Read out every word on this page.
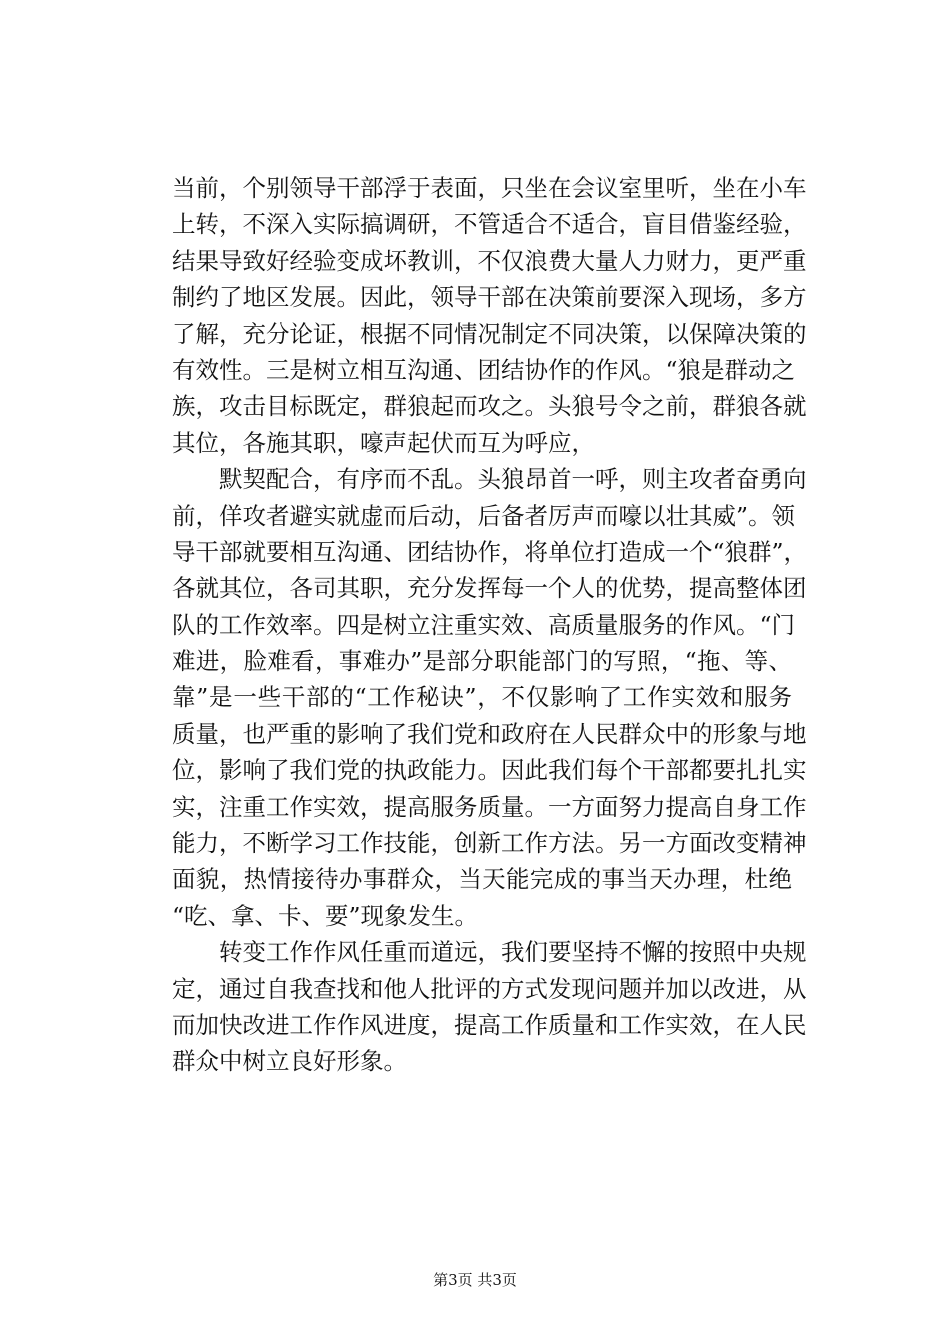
当前，个别领导干部浮于表面，只坐在会议室里听，坐在小车
上转，不深入实际搞调研，不管适合不适合，盲目借鉴经验，
结果导致好经验变成坏教训，不仅浪费大量人力财力，更严重
制约了地区发展。因此，领导干部在决策前要深入现场，多方
了解，充分论证，根据不同情况制定不同决策，以保障决策的
有效性。三是树立相互沟通、团结协作的作风。“狼是群动之
族，攻击目标既定，群狼起而攻之。头狼号令之前，群狼各就
其位，各施其职，嚎声起伏而互为呼应，
　　默契配合，有序而不乱。头狼昂首一呼，则主攻者奋勇向
前，佯攻者避实就虚而后动，后备者厉声而嚎以壮其威”。领
导干部就要相互沟通、团结协作，将单位打造成一个“狼群”，
各就其位，各司其职，充分发挥每一个人的优势，提高整体团
队的工作效率。四是树立注重实效、高质量服务的作风。“门
难进，脸难看，事难办”是部分职能部门的写照，“拖、等、
靠”是一些干部的“工作秘诀”，不仅影响了工作实效和服务
质量，也严重的影响了我们党和政府在人民群众中的形象与地
位，影响了我们党的执政能力。因此我们每个干部都要扎扎实
实，注重工作实效，提高服务质量。一方面努力提高自身工作
能力，不断学习工作技能，创新工作方法。另一方面改变精神
面貌，热情接待办事群众，当天能完成的事当天办理，杜绝
“吃、拿、卡、要”现象发生。
　　转变工作作风任重而道远，我们要坚持不懈的按照中央规
定，通过自我查找和他人批评的方式发现问题并加以改进，从
而加快改进工作作风进度，提高工作质量和工作实效，在人民
群众中树立良好形象。
第3页 共3页
